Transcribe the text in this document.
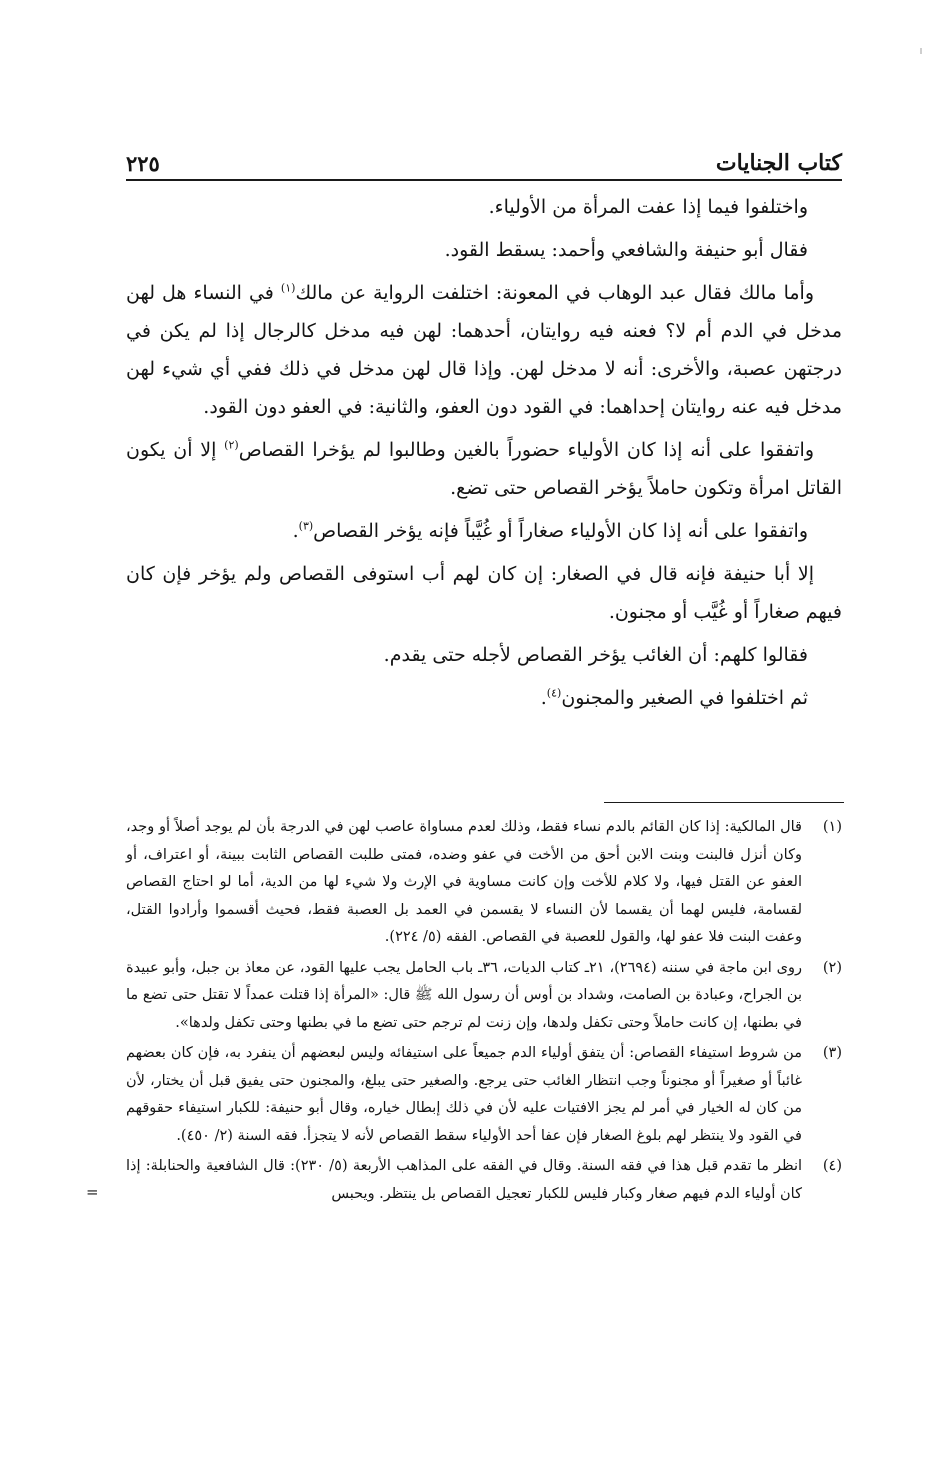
كتاب الجنايات
٢٢٥

واختلفوا فيما إذا عفت المرأة من الأولياء.

فقال أبو حنيفة والشافعي وأحمد: يسقط القود.

وأما مالك فقال عبد الوهاب في المعونة: اختلفت الرواية عن مالك$^{(١)}$ في النساء هل لهن مدخل في الدم أم لا؟ فعنه فيه روايتان، أحدهما: لهن فيه مدخل كالرجال إذا لم يكن في درجتهن عصبة، والأخرى: أنه لا مدخل لهن. وإذا قال لهن مدخل في ذلك ففي أي شيء لهن مدخل فيه عنه روايتان إحداهما: في القود دون العفو، والثانية: في العفو دون القود.

واتفقوا على أنه إذا كان الأولياء حضوراً بالغين وطالبوا لم يؤخرا القصاص$^{(٢)}$ إلا أن يكون القاتل امرأة وتكون حاملاً يؤخر القصاص حتى تضع.

واتفقوا على أنه إذا كان الأولياء صغاراً أو غُيَّباً فإنه يؤخر القصاص$^{(٣)}$.

إلا أبا حنيفة فإنه قال في الصغار: إن كان لهم أب استوفى القصاص ولم يؤخر فإن كان فيهم صغاراً أو غُيَّب أو مجنون.

فقالوا كلهم: أن الغائب يؤخر القصاص لأجله حتى يقدم.

ثم اختلفوا في الصغير والمجنون$^{(٤)}$.

(١)
قال المالكية: إذا كان القائم بالدم نساء فقط، وذلك لعدم مساواة عاصب لهن في الدرجة بأن لم يوجد أصلاً أو وجد، وكان أنزل فالبنت وبنت الابن أحق من الأخت في عفو وضده، فمتى طلبت القصاص الثابت ببينة، أو اعتراف، أو العفو عن القتل فيها، ولا كلام للأخت وإن كانت مساوية في الإرث ولا شيء لها من الدية، أما لو احتاج القصاص لقسامة، فليس لهما أن يقسما لأن النساء لا يقسمن في العمد بل العصبة فقط، فحيث أقسموا وأرادوا القتل، وعفت البنت فلا عفو لها، والقول للعصبة في القصاص. الفقه (٥/ ٢٢٤).
(٢)
روى ابن ماجة في سننه (٢٦٩٤)، ٢١ـ كتاب الديات، ٣٦ـ باب الحامل يجب عليها القود، عن معاذ بن جبل، وأبو عبيدة بن الجراح، وعبادة بن الصامت، وشداد بن أوس أن رسول الله ﷺ قال: «المرأة إذا قتلت عمداً لا تقتل حتى تضع ما في بطنها، إن كانت حاملاً وحتى تكفل ولدها، وإن زنت لم ترجم حتى تضع ما في بطنها وحتى تكفل ولدها».
(٣)
من شروط استيفاء القصاص: أن يتفق أولياء الدم جميعاً على استيفائه وليس لبعضهم أن ينفرد به، فإن كان بعضهم غائباً أو صغيراً أو مجنوناً وجب انتظار الغائب حتى يرجع. والصغير حتى يبلغ، والمجنون حتى يفيق قبل أن يختار، لأن من كان له الخيار في أمر لم يجز الافتيات عليه لأن في ذلك إبطال خياره، وقال أبو حنيفة: للكبار استيفاء حقوقهم في القود ولا ينتظر لهم بلوغ الصغار فإن عفا أحد الأولياء سقط القصاص لأنه لا يتجزأ. فقه السنة (٢/ ٤٥٠).
(٤)
انظر ما تقدم قبل هذا في فقه السنة. وقال في الفقه على المذاهب الأربعة (٥/ ٢٣٠): قال الشافعية والحنابلة: إذا كان أولياء الدم فيهم صغار وكبار فليس للكبار تعجيل القصاص بل ينتظر. ويحبس
=
